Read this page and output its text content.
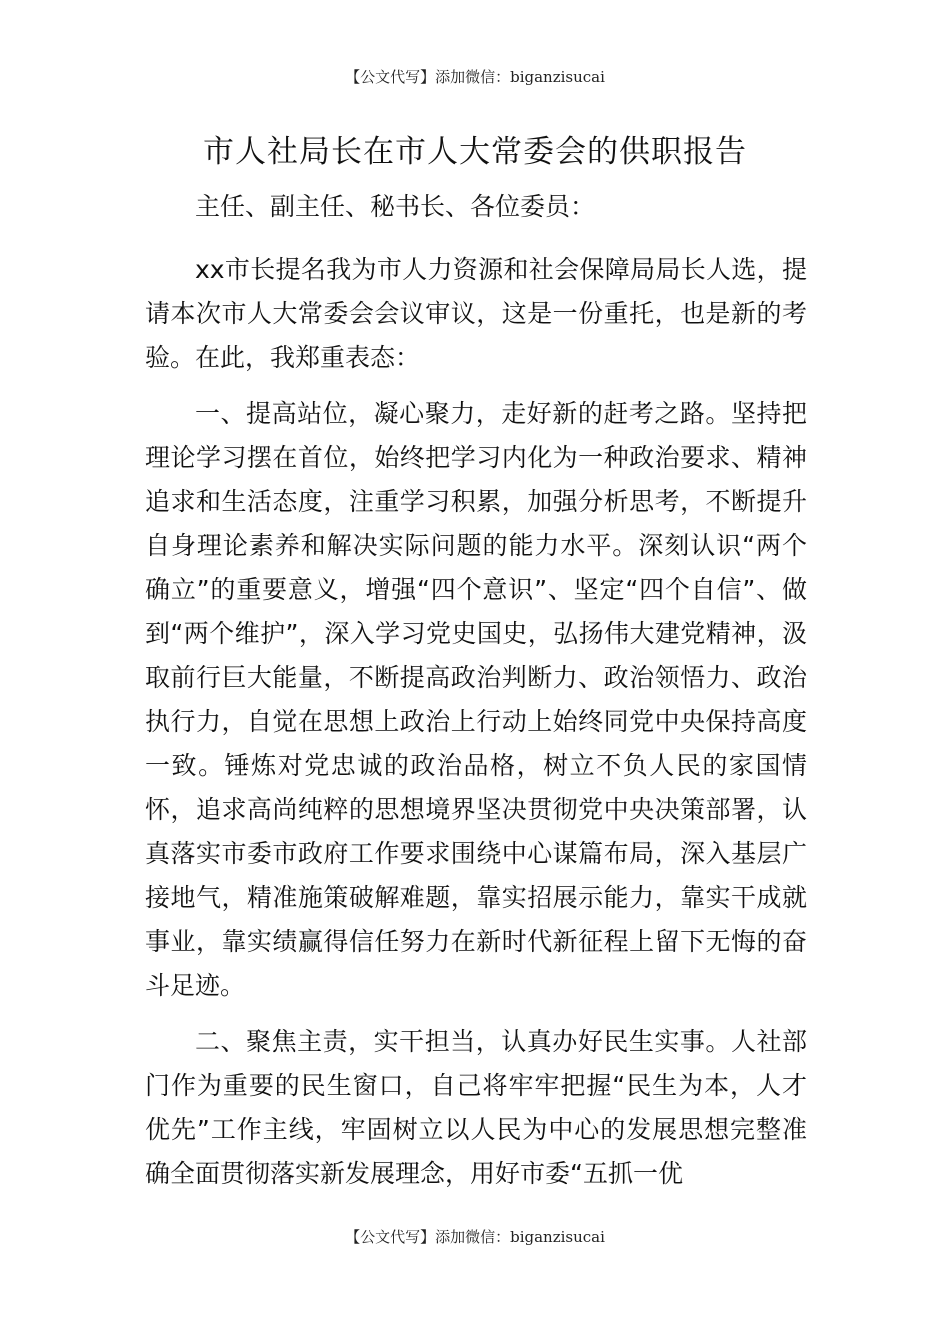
【公文代写】添加微信：biganzisucai
市人社局长在市人大常委会的供职报告

主任、副主任、秘书长、各位委员：

xx市长提名我为市人力资源和社会保障局局长人选，提请本次市人大常委会会议审议，这是一份重托，也是新的考验。在此，我郑重表态：

一、提高站位，凝心聚力，走好新的赶考之路。坚持把理论学习摆在首位，始终把学习内化为一种政治要求、精神追求和生活态度，注重学习积累，加强分析思考，不断提升自身理论素养和解决实际问题的能力水平。深刻认识“两个确立”的重要意义，增强“四个意识”、坚定“四个自信”、做到“两个维护”，深入学习党史国史，弘扬伟大建党精神，汲取前行巨大能量，不断提高政治判断力、政治领悟力、政治执行力，自觉在思想上政治上行动上始终同党中央保持高度一致。锤炼对党忠诚的政治品格，树立不负人民的家国情怀，追求高尚纯粹的思想境界坚决贯彻党中央决策部署，认真落实市委市政府工作要求围绕中心谋篇布局，深入基层广接地气，精准施策破解难题，靠实招展示能力，靠实干成就事业，靠实绩赢得信任努力在新时代新征程上留下无悔的奋斗足迹。

二、聚焦主责，实干担当，认真办好民生实事。人社部门作为重要的民生窗口，自己将牢牢把握“民生为本，人才优先”工作主线，牢固树立以人民为中心的发展思想完整准确全面贯彻落实新发展理念，用好市委“五抓一优

【公文代写】添加微信：biganzisucai
